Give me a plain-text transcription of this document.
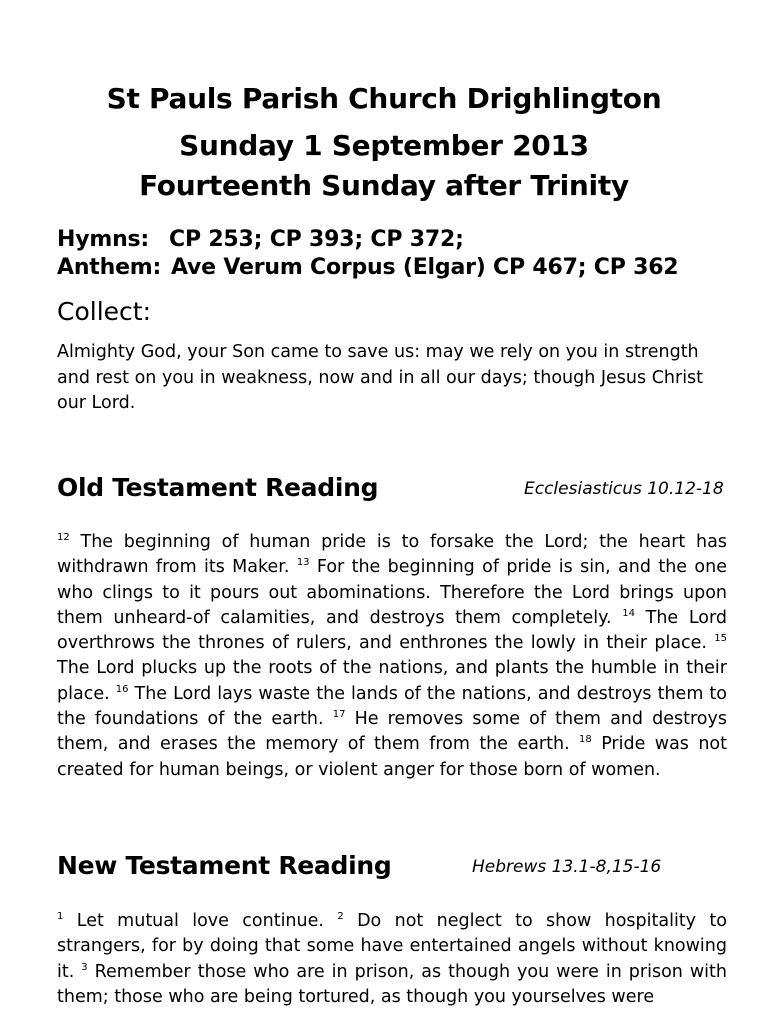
St Pauls Parish Church Drighlington
Sunday 1 September 2013
Fourteenth Sunday after Trinity
Hymns: CP 253; CP 393; CP 372;
Anthem: Ave Verum Corpus (Elgar) CP 467; CP 362
Collect:
Almighty God, your Son came to save us: may we rely on you in strength and rest on you in weakness, now and in all our days; though Jesus Christ our Lord.
Old Testament Reading	Ecclesiasticus 10.12-18
$^{12}$ The beginning of human pride is to forsake the Lord; the heart has withdrawn from its Maker. $^{13}$ For the beginning of pride is sin, and the one who clings to it pours out abominations. Therefore the Lord brings upon them unheard-of calamities, and destroys them completely. $^{14}$ The Lord overthrows the thrones of rulers, and enthrones the lowly in their place. $^{15}$ The Lord plucks up the roots of the nations, and plants the humble in their place. $^{16}$ The Lord lays waste the lands of the nations, and destroys them to the foundations of the earth. $^{17}$ He removes some of them and destroys them, and erases the memory of them from the earth. $^{18}$ Pride was not created for human beings, or violent anger for those born of women.
New Testament Reading	Hebrews 13.1-8,15-16
$^1$ Let mutual love continue. $^2$ Do not neglect to show hospitality to strangers, for by doing that some have entertained angels without knowing it. $^3$ Remember those who are in prison, as though you were in prison with them; those who are being tortured, as though you yourselves were
